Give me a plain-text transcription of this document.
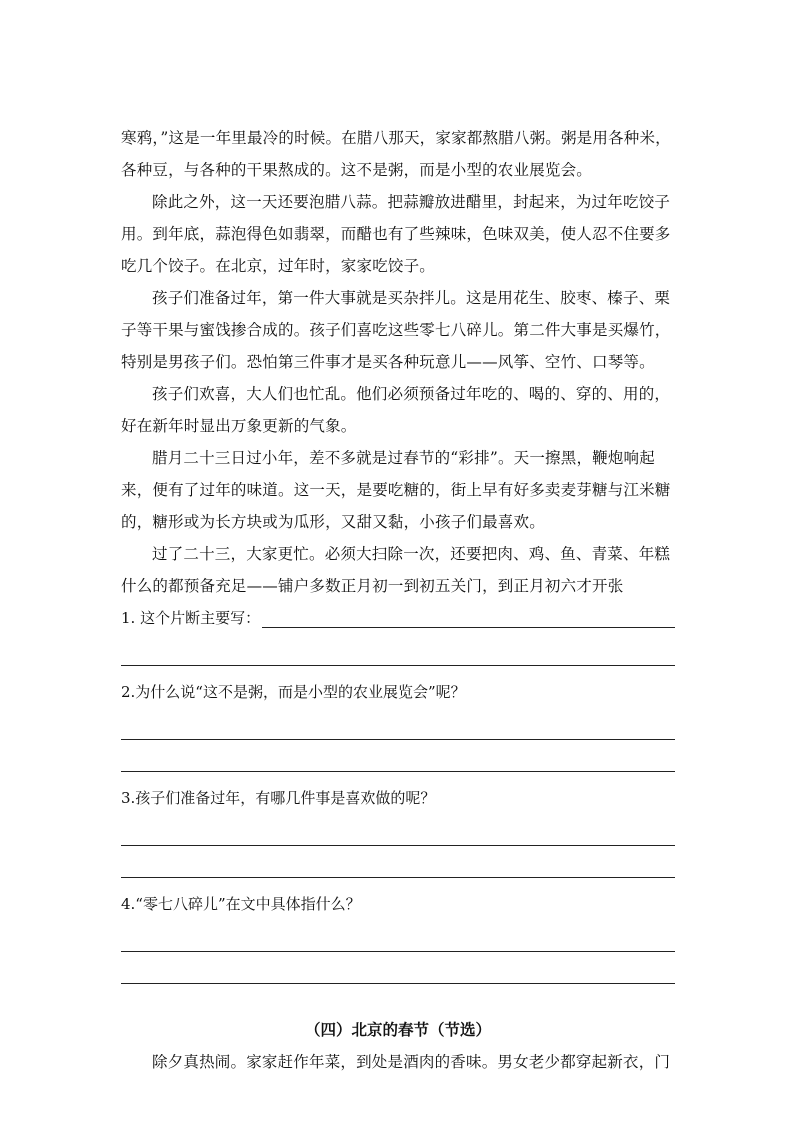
寒鸦，”这是一年里最冷的时候。在腊八那天，家家都熬腊八粥。粥是用各种米，
各种豆，与各种的干果熬成的。这不是粥，而是小型的农业展览会。
除此之外，这一天还要泡腊八蒜。把蒜瓣放进醋里，封起来，为过年吃饺子
用。到年底，蒜泡得色如翡翠，而醋也有了些辣味，色味双美，使人忍不住要多
吃几个饺子。在北京，过年时，家家吃饺子。
孩子们准备过年，第一件大事就是买杂拌儿。这是用花生、胶枣、榛子、栗
子等干果与蜜饯掺合成的。孩子们喜吃这些零七八碎儿。第二件大事是买爆竹，
特别是男孩子们。恐怕第三件事才是买各种玩意儿——风筝、空竹、口琴等。
孩子们欢喜，大人们也忙乱。他们必须预备过年吃的、喝的、穿的、用的，
好在新年时显出万象更新的气象。
腊月二十三日过小年，差不多就是过春节的“彩排”。天一擦黑，鞭炮响起
来，便有了过年的味道。这一天，是要吃糖的，街上早有好多卖麦芽糖与江米糖
的，糖形或为长方块或为瓜形，又甜又黏，小孩子们最喜欢。
过了二十三，大家更忙。必须大扫除一次，还要把肉、鸡、鱼、青菜、年糕
什么的都预备充足——铺户多数正月初一到初五关门，到正月初六才开张
1. 这个片断主要写：
2.为什么说“这不是粥，而是小型的农业展览会”呢？
3.孩子们准备过年，有哪几件事是喜欢做的呢？
4.“零七八碎儿”在文中具体指什么？
（四）北京的春节（节选）
除夕真热闹。家家赶作年菜，到处是酒肉的香味。男女老少都穿起新衣，门
